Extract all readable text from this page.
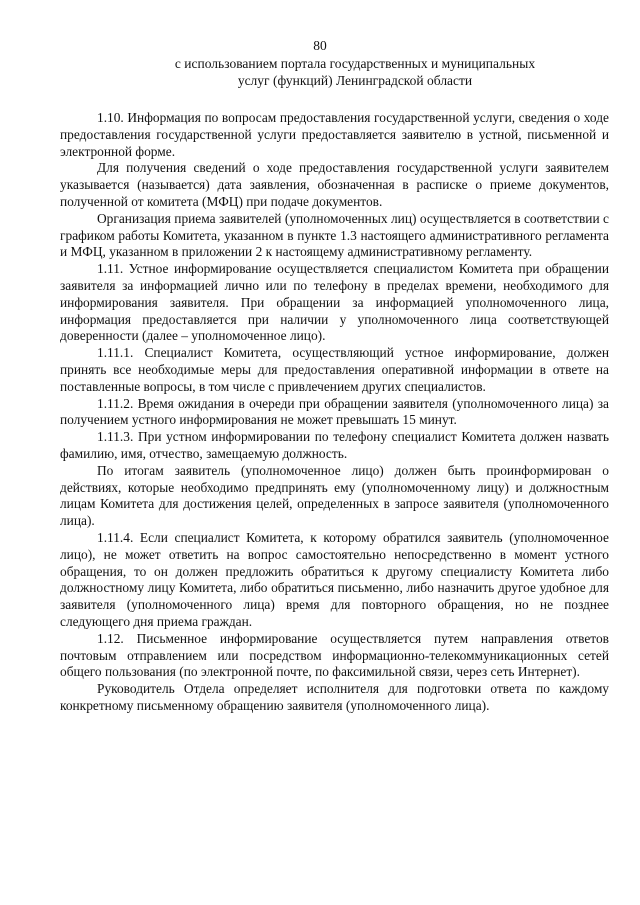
80
с использованием портала государственных и муниципальных
услуг (функций) Ленинградской области

1.10. Информация по вопросам предоставления государственной услуги, сведения о ходе предоставления государственной услуги предоставляется заявителю в устной, письменной и электронной форме.

Для получения сведений о ходе предоставления государственной услуги заявителем указывается (называется) дата заявления, обозначенная в расписке о приеме документов, полученной от комитета (МФЦ) при подаче документов.

Организация приема заявителей (уполномоченных лиц) осуществляется в соответствии с графиком работы Комитета, указанном в пункте 1.3 настоящего административного регламента и МФЦ, указанном в приложении 2 к настоящему административному регламенту.

1.11. Устное информирование осуществляется специалистом Комитета при обращении заявителя за информацией лично или по телефону в пределах времени, необходимого для информирования заявителя. При обращении за информацией уполномоченного лица, информация предоставляется при наличии у уполномоченного лица соответствующей доверенности (далее – уполномоченное лицо).

1.11.1. Специалист Комитета, осуществляющий устное информирование, должен принять все необходимые меры для предоставления оперативной информации в ответе на поставленные вопросы, в том числе с привлечением других специалистов.

1.11.2. Время ожидания в очереди при обращении заявителя (уполномоченного лица) за получением устного информирования не может превышать 15 минут.

1.11.3. При устном информировании по телефону специалист Комитета должен назвать фамилию, имя, отчество, замещаемую должность.

По итогам заявитель (уполномоченное лицо) должен быть проинформирован о действиях, которые необходимо предпринять ему (уполномоченному лицу) и должностным лицам Комитета для достижения целей, определенных в запросе заявителя (уполномоченного лица).

1.11.4. Если специалист Комитета, к которому обратился заявитель (уполномоченное лицо), не может ответить на вопрос самостоятельно непосредственно в момент устного обращения, то он должен предложить обратиться к другому специалисту Комитета либо должностному лицу Комитета, либо обратиться письменно, либо назначить другое удобное для заявителя (уполномоченного лица) время для повторного обращения, но не позднее следующего дня приема граждан.

1.12. Письменное информирование осуществляется путем направления ответов почтовым отправлением или посредством информационно-телекоммуникационных сетей общего пользования (по электронной почте, по факсимильной связи, через сеть Интернет).

Руководитель Отдела определяет исполнителя для подготовки ответа по каждому конкретному письменному обращению заявителя (уполномоченного лица).
